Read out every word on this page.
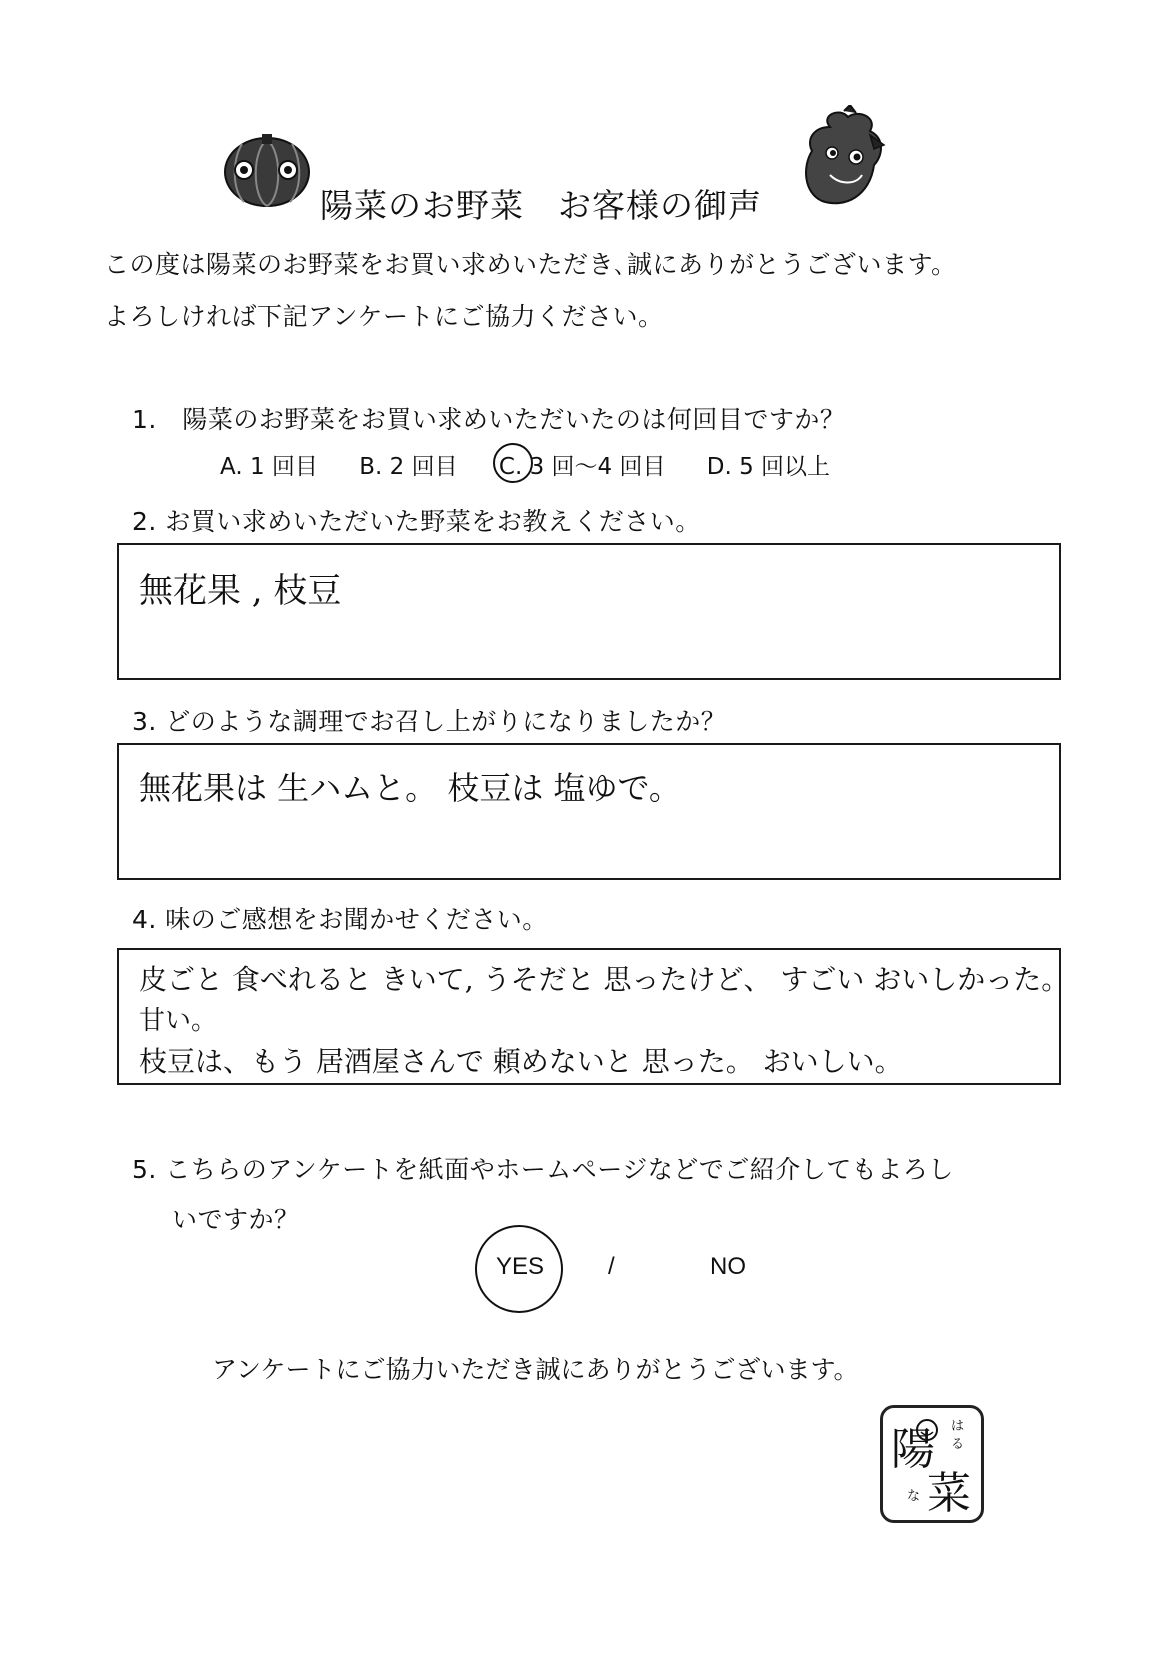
陽菜のお野菜　お客様の御声
この度は陽菜のお野菜をお買い求めいただき､誠にありがとうございます。
よろしければ下記アンケートにご協力ください。
1.　陽菜のお野菜をお買い求めいただいたのは何回目ですか？
A. 1 回目 B. 2 回目 C. 3 回～4 回目 D. 5 回以上
2. お買い求めいただいた野菜をお教えください。
無花果 , 枝豆
3. どのような調理でお召し上がりになりましたか？
無花果は 生ハムと。 枝豆は 塩ゆで。
4. 味のご感想をお聞かせください。
皮ごと 食べれると きいて, うそだと 思ったけど、 すごい おいしかった。
甘い。
枝豆は、もう 居酒屋さんで 頼めないと 思った。 おいしい。
5. こちらのアンケートを紙面やホームページなどでご紹介してもよろし
いですか？
YES	/	NO
アンケートにご協力いただき誠にありがとうございます。
陽
菜
は
る
な
